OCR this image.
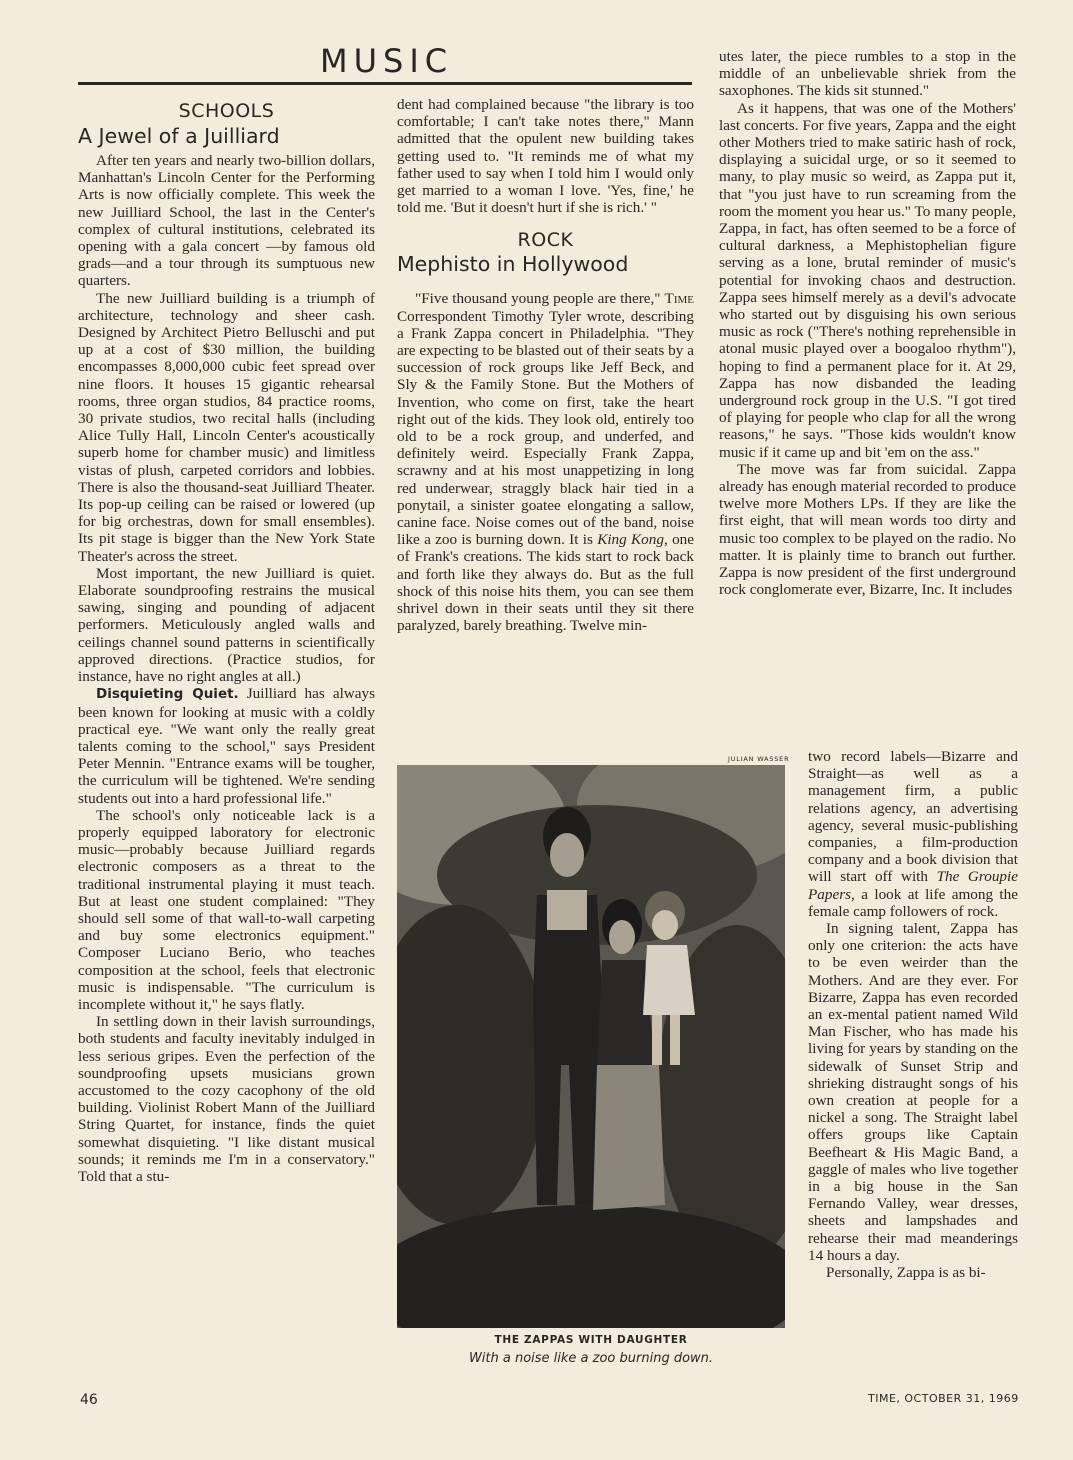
MUSIC
SCHOOLS
A Jewel of a Juilliard

After ten years and nearly two-billion dollars, Manhattan's Lincoln Center for the Performing Arts is now officially complete. This week the new Juilliard School, the last in the Center's complex of cultural institutions, celebrated its opening with a gala concert —by famous old grads—and a tour through its sumptuous new quarters.

The new Juilliard building is a triumph of architecture, technology and sheer cash. Designed by Architect Pietro Belluschi and put up at a cost of $30 million, the building encompasses 8,000,000 cubic feet spread over nine floors. It houses 15 gigantic rehearsal rooms, three organ studios, 84 practice rooms, 30 private studios, two recital halls (including Alice Tully Hall, Lincoln Center's acoustically superb home for chamber music) and limitless vistas of plush, carpeted corridors and lobbies. There is also the thousand-seat Juilliard Theater. Its pop-up ceiling can be raised or lowered (up for big orchestras, down for small ensembles). Its pit stage is bigger than the New York State Theater's across the street.

Most important, the new Juilliard is quiet. Elaborate soundproofing restrains the musical sawing, singing and pounding of adjacent performers. Meticulously angled walls and ceilings channel sound patterns in scientifically approved directions. (Practice studios, for instance, have no right angles at all.)

Disquieting Quiet. Juilliard has always been known for looking at music with a coldly practical eye. "We want only the really great talents coming to the school," says President Peter Mennin. "Entrance exams will be tougher, the curriculum will be tightened. We're sending students out into a hard professional life."

The school's only noticeable lack is a properly equipped laboratory for electronic music—probably because Juilliard regards electronic composers as a threat to the traditional instrumental playing it must teach. But at least one student complained: "They should sell some of that wall-to-wall carpeting and buy some electronics equipment." Composer Luciano Berio, who teaches composition at the school, feels that electronic music is indispensable. "The curriculum is incomplete without it," he says flatly.

In settling down in their lavish surroundings, both students and faculty inevitably indulged in less serious gripes. Even the perfection of the soundproofing upsets musicians grown accustomed to the cozy cacophony of the old building. Violinist Robert Mann of the Juilliard String Quartet, for instance, finds the quiet somewhat disquieting. "I like distant musical sounds; it reminds me I'm in a conservatory." Told that a stu-

dent had complained because "the library is too comfortable; I can't take notes there," Mann admitted that the opulent new building takes getting used to. "It reminds me of what my father used to say when I told him I would only get married to a woman I love. 'Yes, fine,' he told me. 'But it doesn't hurt if she is rich.' "

ROCK
Mephisto in Hollywood

"Five thousand young people are there," Time Correspondent Timothy Tyler wrote, describing a Frank Zappa concert in Philadelphia. "They are expecting to be blasted out of their seats by a succession of rock groups like Jeff Beck, and Sly & the Family Stone. But the Mothers of Invention, who come on first, take the heart right out of the kids. They look old, entirely too old to be a rock group, and underfed, and definitely weird. Especially Frank Zappa, scrawny and at his most unappetizing in long red underwear, straggly black hair tied in a ponytail, a sinister goatee elongating a sallow, canine face. Noise comes out of the band, noise like a zoo is burning down. It is King Kong, one of Frank's creations. The kids start to rock back and forth like they always do. But as the full shock of this noise hits them, you can see them shrivel down in their seats until they sit there paralyzed, barely breathing. Twelve min-

utes later, the piece rumbles to a stop in the middle of an unbelievable shriek from the saxophones. The kids sit stunned."

As it happens, that was one of the Mothers' last concerts. For five years, Zappa and the eight other Mothers tried to make satiric hash of rock, displaying a suicidal urge, or so it seemed to many, to play music so weird, as Zappa put it, that "you just have to run screaming from the room the moment you hear us." To many people, Zappa, in fact, has often seemed to be a force of cultural darkness, a Mephistophelian figure serving as a lone, brutal reminder of music's potential for invoking chaos and destruction. Zappa sees himself merely as a devil's advocate who started out by disguising his own serious music as rock ("There's nothing reprehensible in atonal music played over a boogaloo rhythm"), hoping to find a permanent place for it. At 29, Zappa has now disbanded the leading underground rock group in the U.S. "I got tired of playing for people who clap for all the wrong reasons," he says. "Those kids wouldn't know music if it came up and bit 'em on the ass."

The move was far from suicidal. Zappa already has enough material recorded to produce twelve more Mothers LPs. If they are like the first eight, that will mean words too dirty and music too complex to be played on the radio. No matter. It is plainly time to branch out further. Zappa is now president of the first underground rock conglomerate ever, Bizarre, Inc. It includes

two record labels—Bizarre and Straight—as well as a management firm, a public relations agency, an advertising agency, several music-publishing companies, a film-production company and a book division that will start off with The Groupie Papers, a look at life among the female camp followers of rock.

In signing talent, Zappa has only one criterion: the acts have to be even weirder than the Mothers. And are they ever. For Bizarre, Zappa has even recorded an ex-mental patient named Wild Man Fischer, who has made his living for years by standing on the sidewalk of Sunset Strip and shrieking distraught songs of his own creation at people for a nickel a song. The Straight label offers groups like Captain Beefheart & His Magic Band, a gaggle of males who live together in a big house in the San Fernando Valley, wear dresses, sheets and lampshades and rehearse their mad meanderings 14 hours a day.

Personally, Zappa is as bi-

JULIAN WASSER
THE ZAPPAS WITH DAUGHTER
With a noise like a zoo burning down.
46	TIME, OCTOBER 31, 1969
